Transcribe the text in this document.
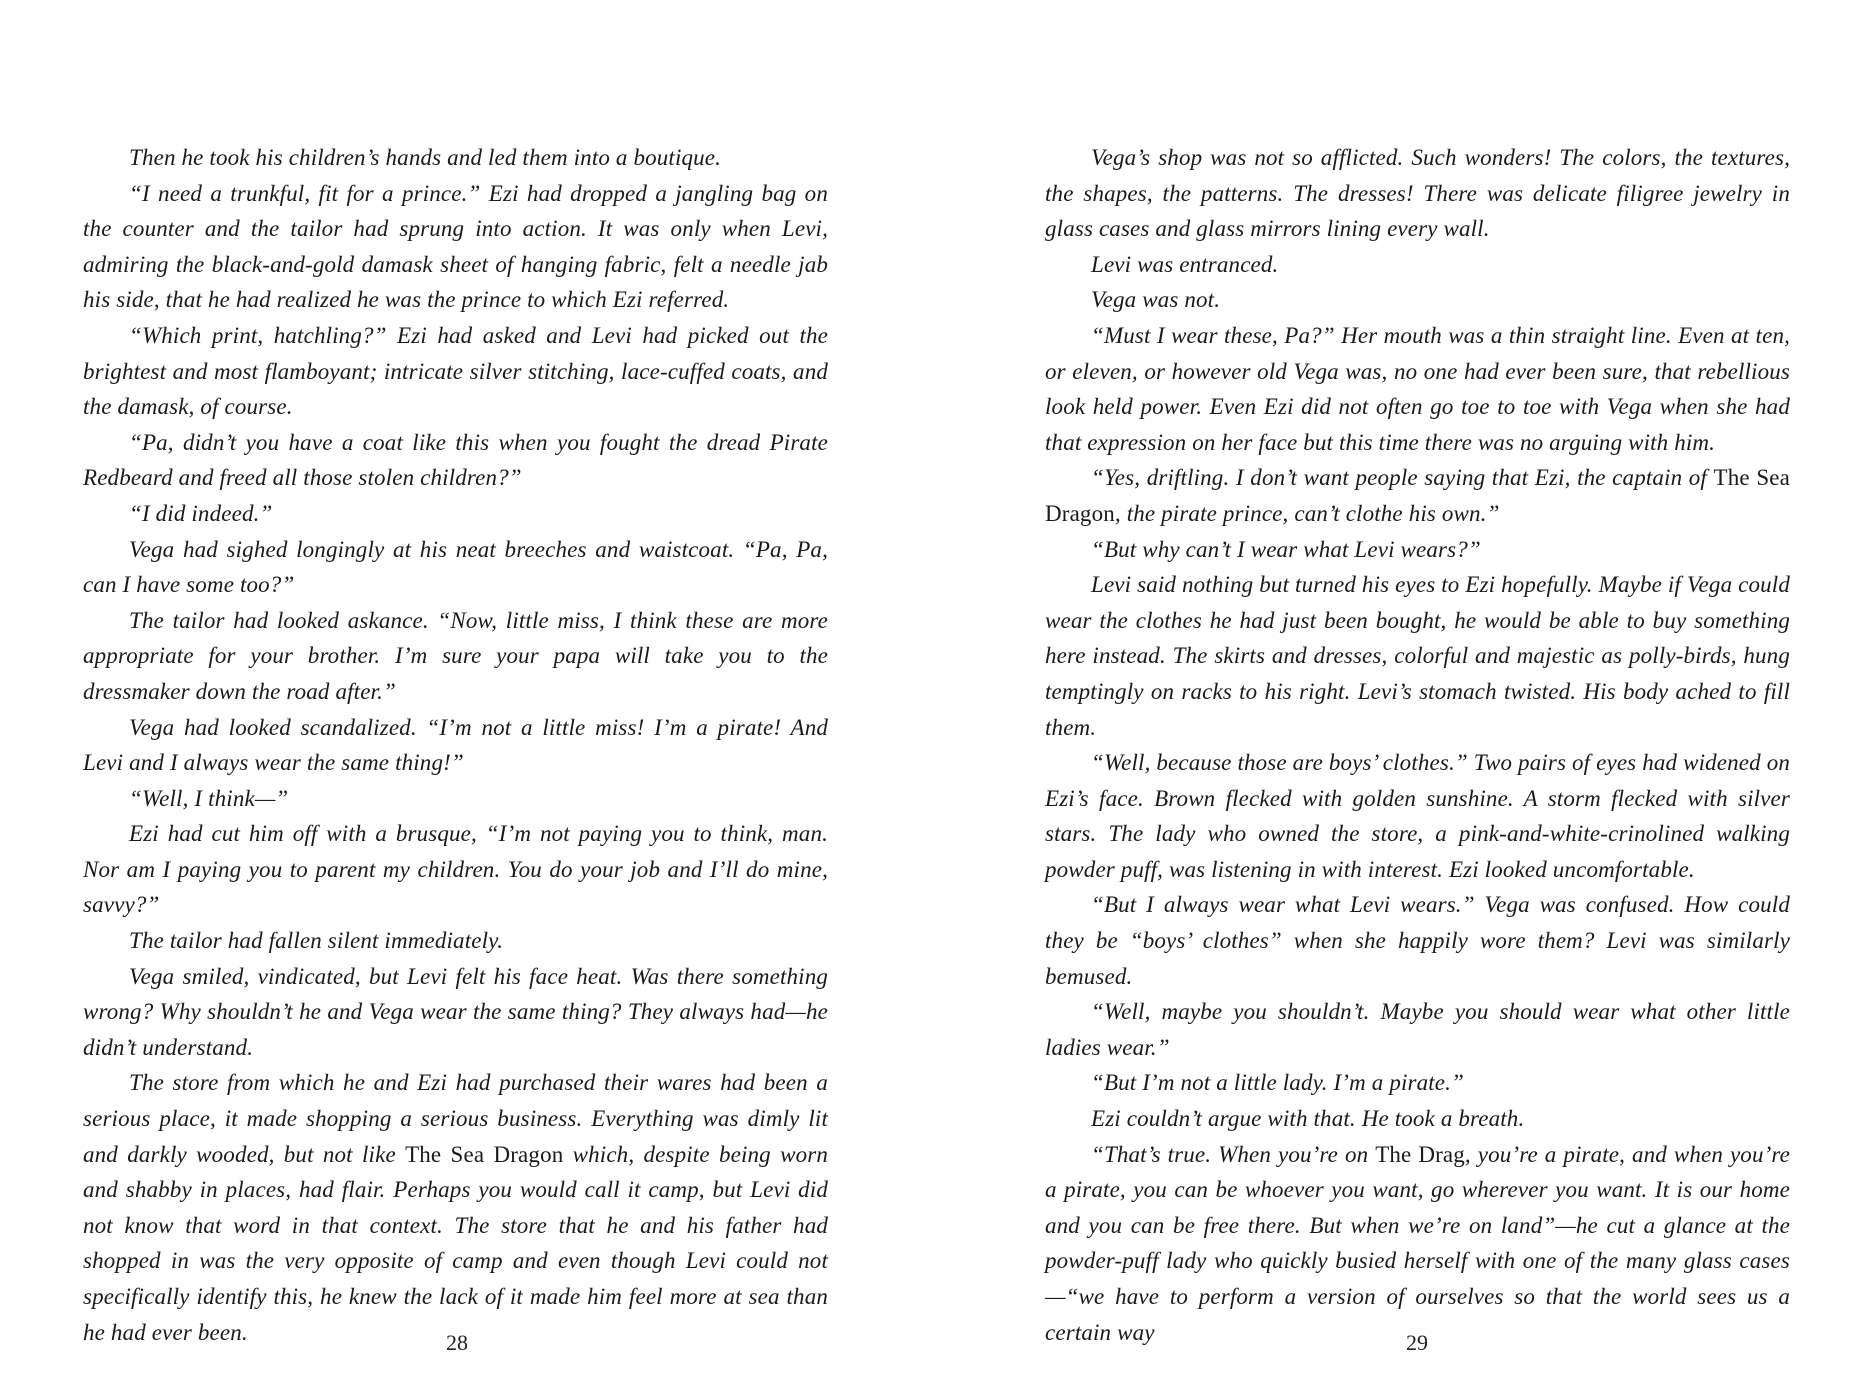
Then he took his children’s hands and led them into a boutique.

“I need a trunkful, fit for a prince.” Ezi had dropped a jangling bag on the counter and the tailor had sprung into action. It was only when Levi, admiring the black-and-gold damask sheet of hanging fabric, felt a needle jab his side, that he had realized he was the prince to which Ezi referred.

“Which print, hatchling?” Ezi had asked and Levi had picked out the brightest and most flamboyant; intricate silver stitching, lace-cuffed coats, and the damask, of course.

“Pa, didn’t you have a coat like this when you fought the dread Pirate Redbeard and freed all those stolen children?”

“I did indeed.”

Vega had sighed longingly at his neat breeches and waistcoat. “Pa, Pa, can I have some too?”

The tailor had looked askance. “Now, little miss, I think these are more appropriate for your brother. I’m sure your papa will take you to the dressmaker down the road after.”

Vega had looked scandalized. “I’m not a little miss! I’m a pirate! And Levi and I always wear the same thing!”

“Well, I think—”

Ezi had cut him off with a brusque, “I’m not paying you to think, man. Nor am I paying you to parent my children. You do your job and I’ll do mine, savvy?”

The tailor had fallen silent immediately.

Vega smiled, vindicated, but Levi felt his face heat. Was there something wrong? Why shouldn’t he and Vega wear the same thing? They always had—he didn’t understand.

The store from which he and Ezi had purchased their wares had been a serious place, it made shopping a serious business. Everything was dimly lit and darkly wooded, but not like The Sea Dragon which, despite being worn and shabby in places, had flair. Perhaps you would call it camp, but Levi did not know that word in that context. The store that he and his father had shopped in was the very opposite of camp and even though Levi could not specifically identify this, he knew the lack of it made him feel more at sea than he had ever been.	28

Vega’s shop was not so afflicted. Such wonders! The colors, the textures, the shapes, the patterns. The dresses! There was delicate filigree jewelry in glass cases and glass mirrors lining every wall.

Levi was entranced.

Vega was not.

“Must I wear these, Pa?” Her mouth was a thin straight line. Even at ten, or eleven, or however old Vega was, no one had ever been sure, that rebellious look held power. Even Ezi did not often go toe to toe with Vega when she had that expression on her face but this time there was no arguing with him.

“Yes, driftling. I don’t want people saying that Ezi, the captain of The Sea Dragon, the pirate prince, can’t clothe his own.”

“But why can’t I wear what Levi wears?”

Levi said nothing but turned his eyes to Ezi hopefully. Maybe if Vega could wear the clothes he had just been bought, he would be able to buy something here instead. The skirts and dresses, colorful and majestic as polly-birds, hung temptingly on racks to his right. Levi’s stomach twisted. His body ached to fill them.

“Well, because those are boys’ clothes.” Two pairs of eyes had widened on Ezi’s face. Brown flecked with golden sunshine. A storm flecked with silver stars. The lady who owned the store, a pink-and-white-crinolined walking powder puff, was listening in with interest. Ezi looked uncomfortable.

“But I always wear what Levi wears.” Vega was confused. How could they be “boys’ clothes” when she happily wore them? Levi was similarly bemused.

“Well, maybe you shouldn’t. Maybe you should wear what other little ladies wear.”

“But I’m not a little lady. I’m a pirate.”

Ezi couldn’t argue with that. He took a breath.

“That’s true. When you’re on The Drag, you’re a pirate, and when you’re a pirate, you can be whoever you want, go wherever you want. It is our home and you can be free there. But when we’re on land”—he cut a glance at the powder-puff lady who quickly busied herself with one of the many glass cases—“we have to perform a version of ourselves so that the world sees us a certain way	29
